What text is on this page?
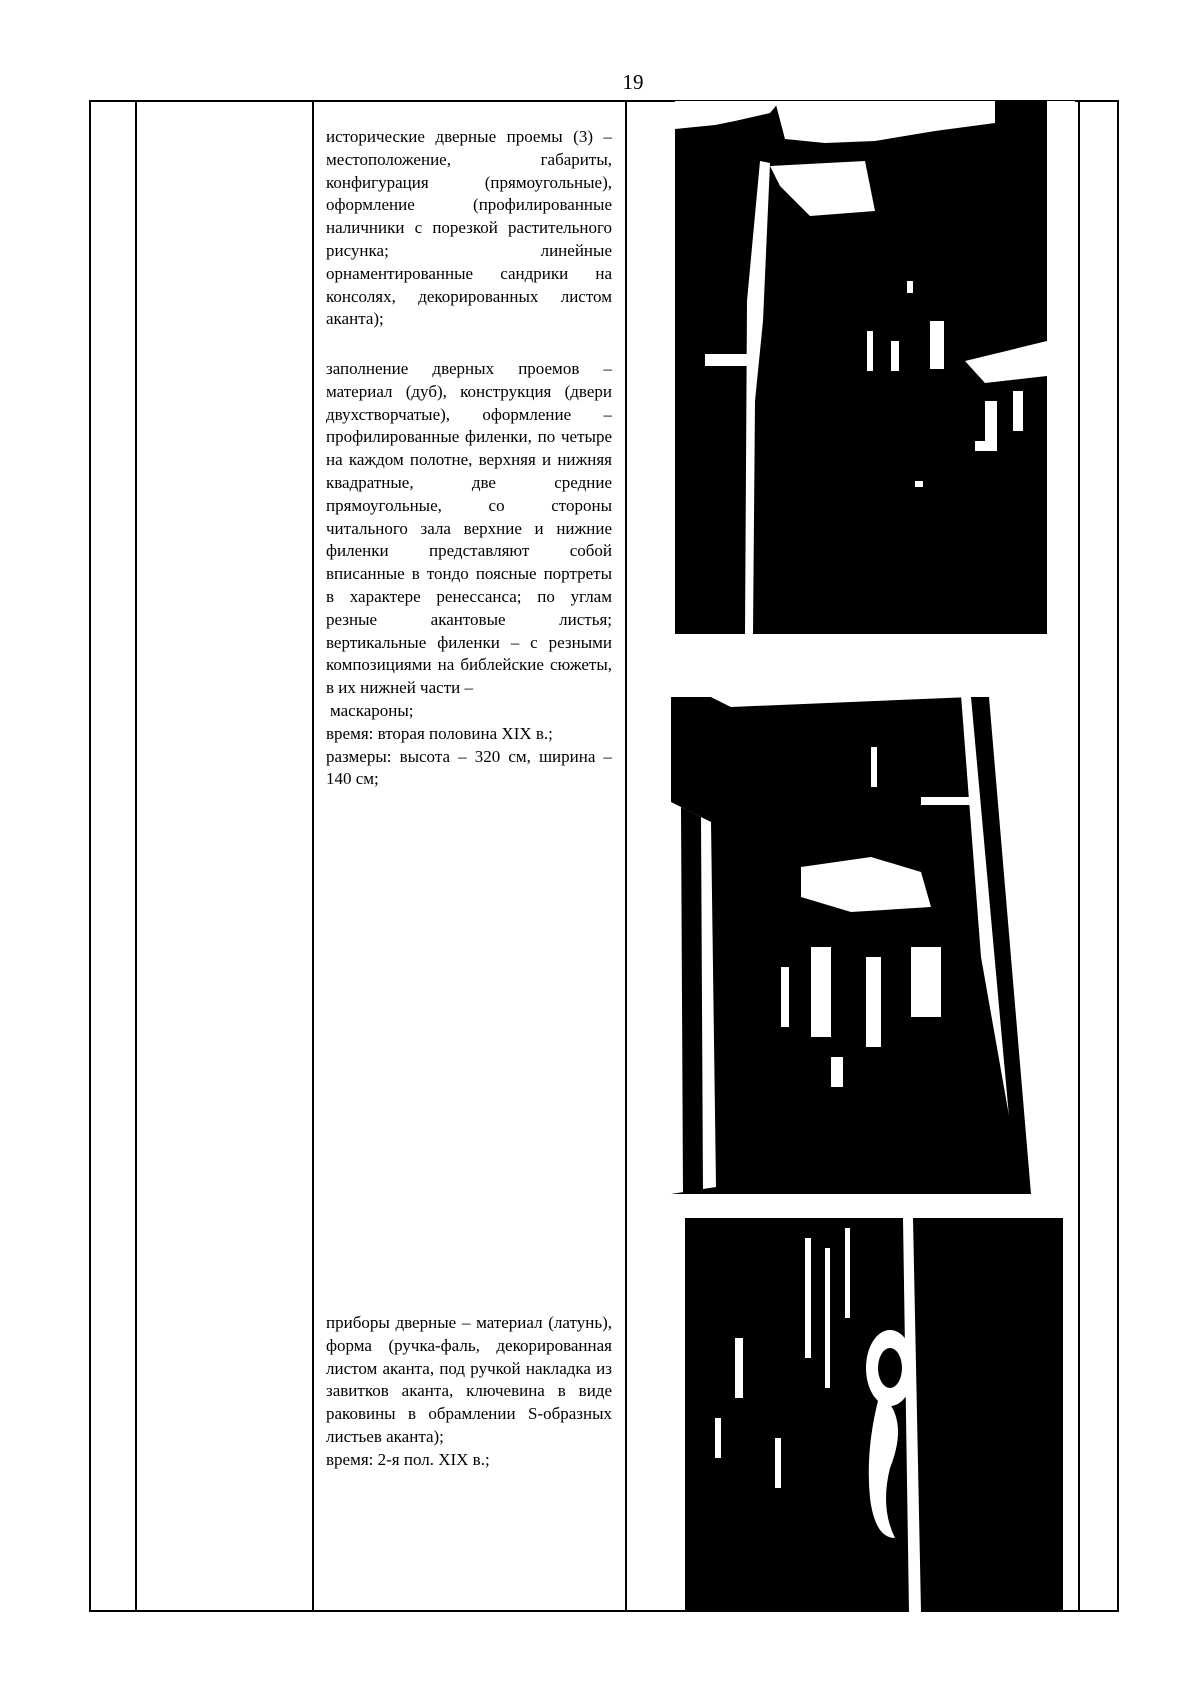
19

исторические дверные проемы (3) – местоположение, габариты, конфигурация (прямоугольные), оформление (профилированные наличники с порезкой растительного рисунка; линейные орнаментированные сандрики на консолях, декорированных листом аканта);

заполнение дверных проемов – материал (дуб), конструкция (двери двухстворчатые), оформление – профилированные филенки, по четыре на каждом полотне, верхняя и нижняя квадратные, две средние прямоугольные, со стороны читального зала верхние и нижние филенки представляют собой вписанные в тондо поясные портреты в характере ренессанса; по углам резные акантовые листья; вертикальные филенки – с резными композициями на библейские сюжеты, в их нижней части –

маскароны;

время: вторая половина XIX в.;

размеры: высота – 320 см, ширина – 140 см;

приборы дверные – материал (латунь), форма (ручка-фаль, декорированная листом аканта, под ручкой накладка из завитков аканта, ключевина в виде раковины в обрамлении S-образных листьев аканта);

время: 2-я пол. XIX в.;
